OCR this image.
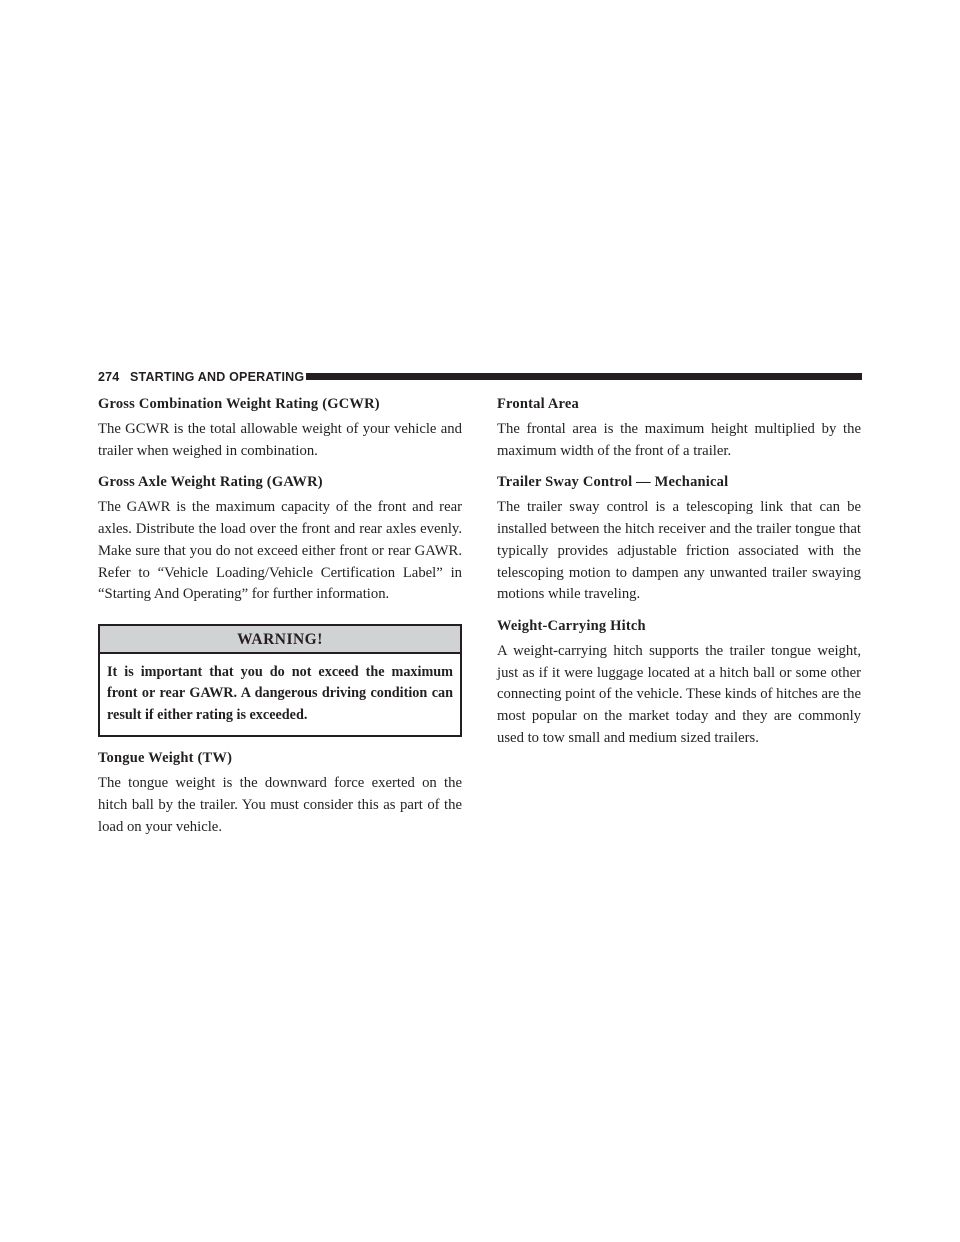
274 STARTING AND OPERATING
Gross Combination Weight Rating (GCWR)

The GCWR is the total allowable weight of your vehicle and trailer when weighed in combination.

Gross Axle Weight Rating (GAWR)

The GAWR is the maximum capacity of the front and rear axles. Distribute the load over the front and rear axles evenly. Make sure that you do not exceed either front or rear GAWR. Refer to “Vehicle Loading/Vehicle Certification Label” in “Starting And Operating” for further information.

WARNING!
It is important that you do not exceed the maximum front or rear GAWR. A dangerous driving condition can result if either rating is exceeded.
Tongue Weight (TW)

The tongue weight is the downward force exerted on the hitch ball by the trailer. You must consider this as part of the load on your vehicle.

Frontal Area

The frontal area is the maximum height multiplied by the maximum width of the front of a trailer.

Trailer Sway Control — Mechanical

The trailer sway control is a telescoping link that can be installed between the hitch receiver and the trailer tongue that typically provides adjustable friction associated with the telescoping motion to dampen any unwanted trailer swaying motions while traveling.

Weight-Carrying Hitch

A weight-carrying hitch supports the trailer tongue weight, just as if it were luggage located at a hitch ball or some other connecting point of the vehicle. These kinds of hitches are the most popular on the market today and they are commonly used to tow small and medium sized trailers.
